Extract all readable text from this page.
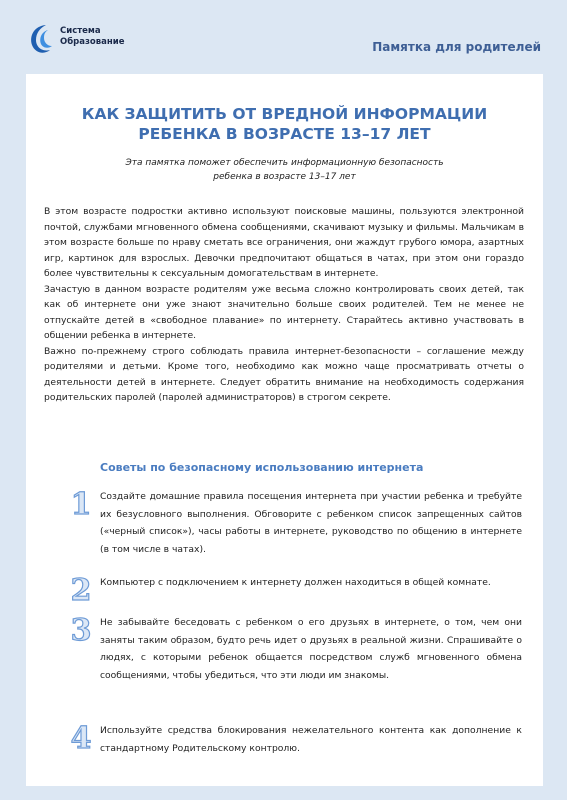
Система
Образование	Памятка для родителей
КАК ЗАЩИТИТЬ ОТ ВРЕДНОЙ ИНФОРМАЦИИ
РЕБЕНКА В ВОЗРАСТЕ 13–17 ЛЕТ
Эта памятка поможет обеспечить информационную безопасность
ребенка в возрасте 13–17 лет

В этом возрасте подростки активно используют поисковые машины, пользуются электронной почтой, службами мгновенного обмена сообщениями, скачивают музыку и фильмы. Мальчикам в этом возрасте больше по нраву сметать все ограничения, они жаждут грубого юмора, азартных игр, картинок для взрослых. Девочки предпочитают общаться в чатах, при этом они гораздо более чувствительны к сексуальным домогательствам в интернете.

Зачастую в данном возрасте родителям уже весьма сложно контролировать своих детей, так как об интернете они уже знают значительно больше своих родителей. Тем не менее не отпускайте детей в «свободное плавание» по интернету. Старайтесь активно участвовать в общении ребенка в интернете.

Важно по-прежнему строго соблюдать правила интернет-безопасности – соглашение между родителями и детьми. Кроме того, необходимо как можно чаще просматривать отчеты о деятельности детей в интернете. Следует обратить внимание на необходимость содержания родительских паролей (паролей администраторов) в строгом секрете.

Советы по безопасному использованию интернета
1 Создайте домашние правила посещения интернета при участии ребенка и требуйте их безусловного выполнения. Обговорите с ребенком список запрещенных сайтов («черный список»), часы работы в интернете, руководство по общению в интернете (в том числе в чатах).
2 Компьютер с подключением к интернету должен находиться в общей комнате.
3 Не забывайте беседовать с ребенком о его друзьях в интернете, о том, чем они заняты таким образом, будто речь идет о друзьях в реальной жизни. Спрашивайте о людях, с которыми ребенок общается посредством служб мгновенного обмена сообщениями, чтобы убедиться, что эти люди им знакомы.
4 Используйте средства блокирования нежелательного контента как дополнение к стандартному Родительскому контролю.
